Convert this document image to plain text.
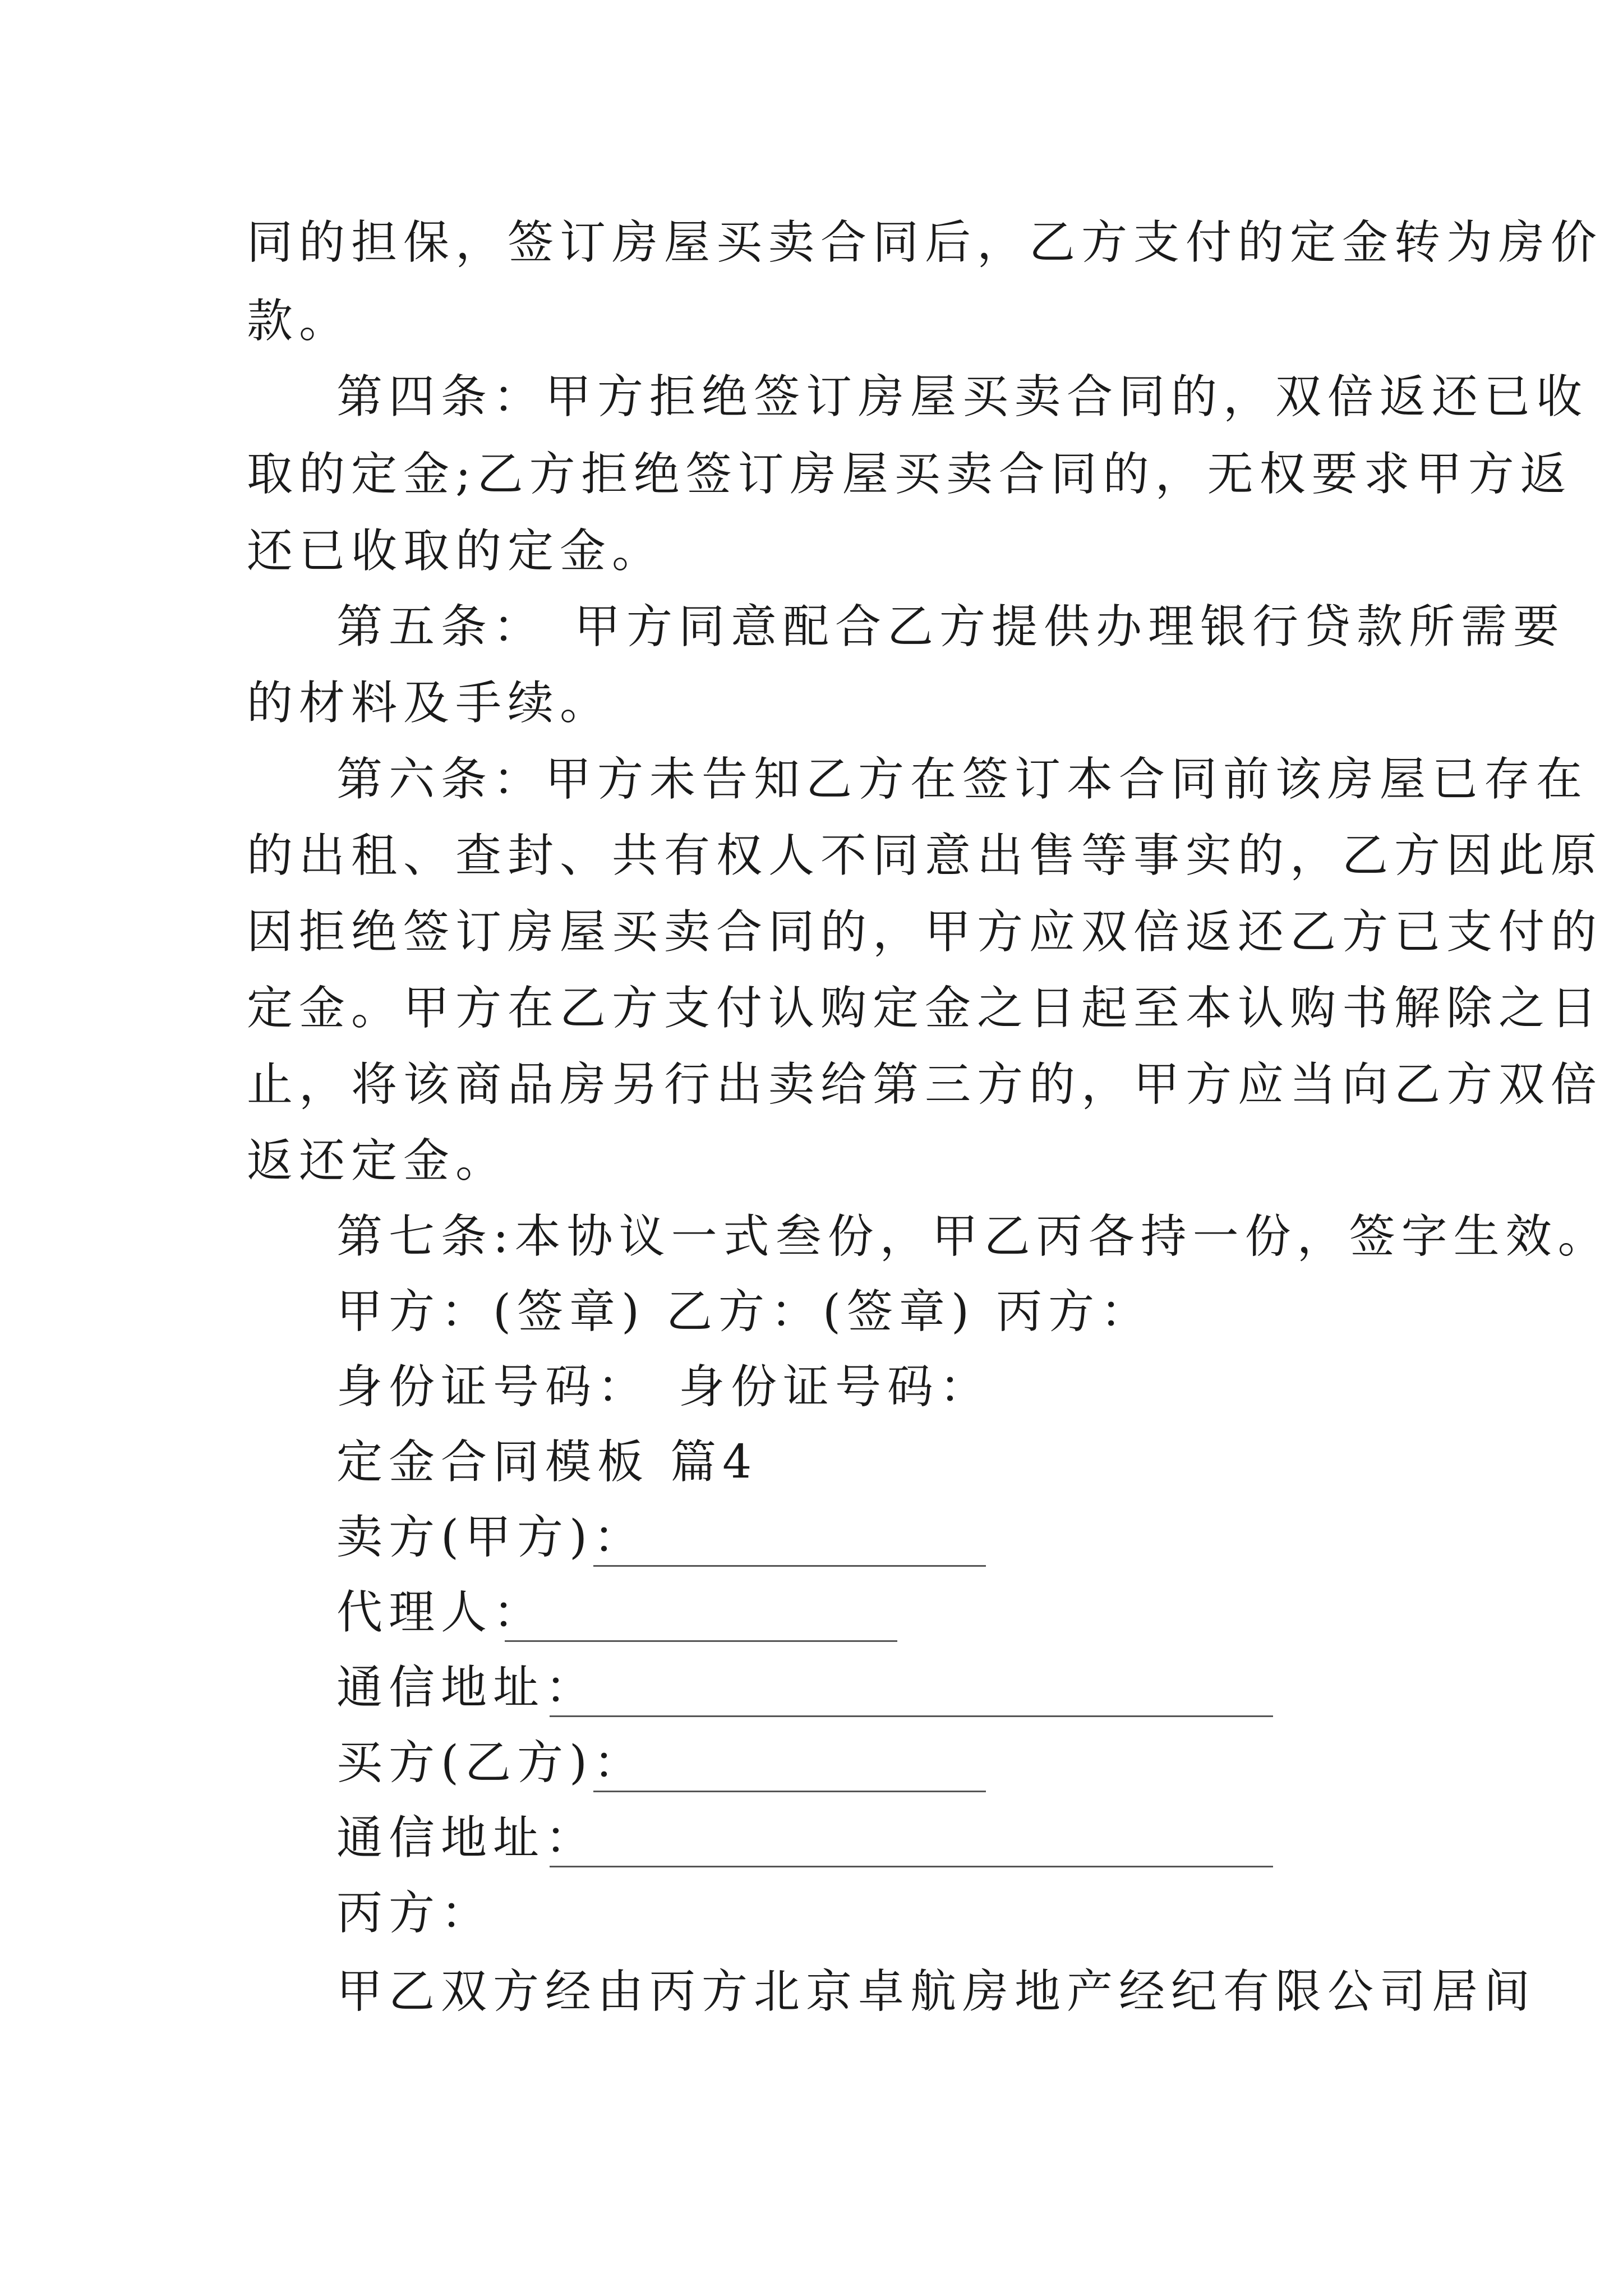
同的担保，签订房屋买卖合同后，乙方支付的定金转为房价
款。
第四条：甲方拒绝签订房屋买卖合同的，双倍返还已收
取的定金;乙方拒绝签订房屋买卖合同的，无权要求甲方返
还已收取的定金。
第五条：　甲方同意配合乙方提供办理银行贷款所需要
的材料及手续。
第六条：甲方未告知乙方在签订本合同前该房屋已存在
的出租、查封、共有权人不同意出售等事实的，乙方因此原
因拒绝签订房屋买卖合同的，甲方应双倍返还乙方已支付的
定金。甲方在乙方支付认购定金之日起至本认购书解除之日
止，将该商品房另行出卖给第三方的，甲方应当向乙方双倍
返还定金。
第七条:本协议一式叁份，甲乙丙各持一份，签字生效。
甲方：(签章) 乙方：(签章) 丙方：
身份证号码：　身份证号码：
定金合同模板 篇4
卖方(甲方)：
代理人：
通信地址：
买方(乙方)：
通信地址：
丙方：
甲乙双方经由丙方北京卓航房地产经纪有限公司居间
